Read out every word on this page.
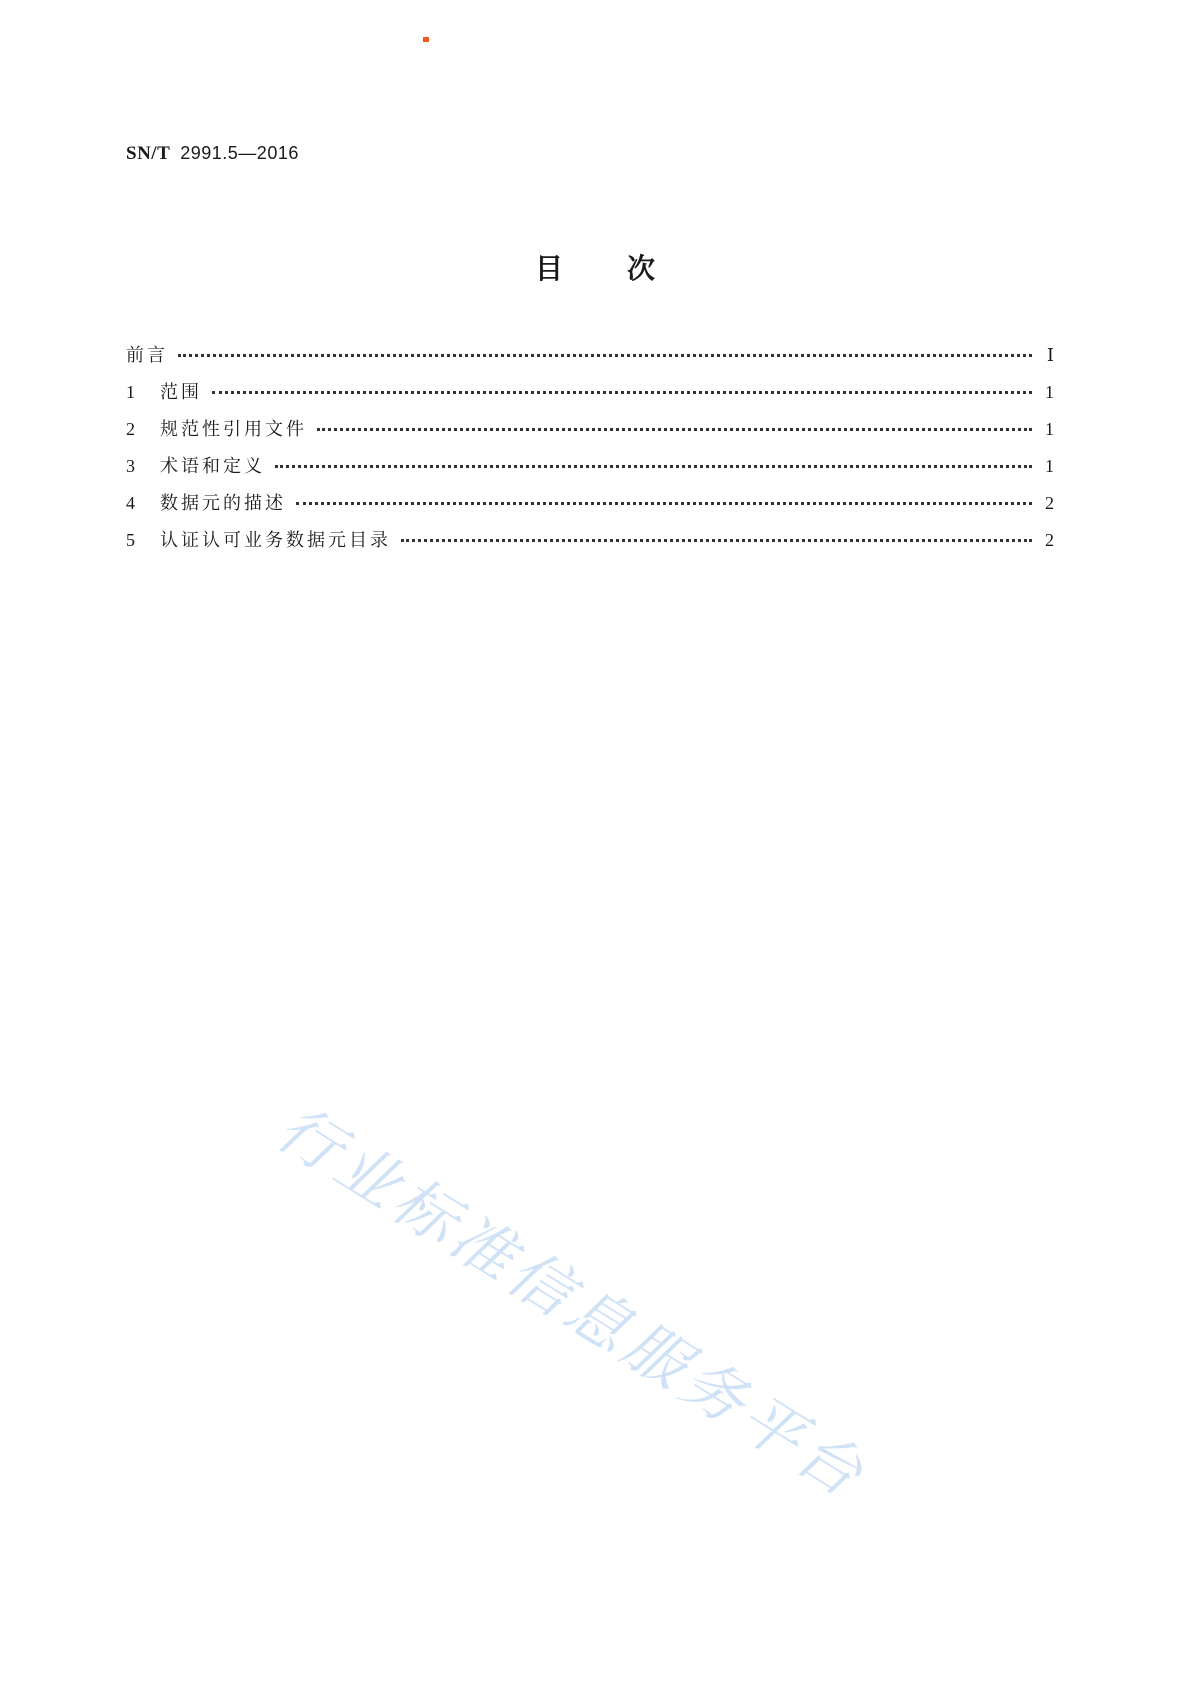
SN/T 2991.5—2016
目次
前言	Ⅰ
1	范围	1
2	规范性引用文件	1
3	术语和定义	1
4	数据元的描述	2
5	认证认可业务数据元目录	2
行业标准信息服务平台
